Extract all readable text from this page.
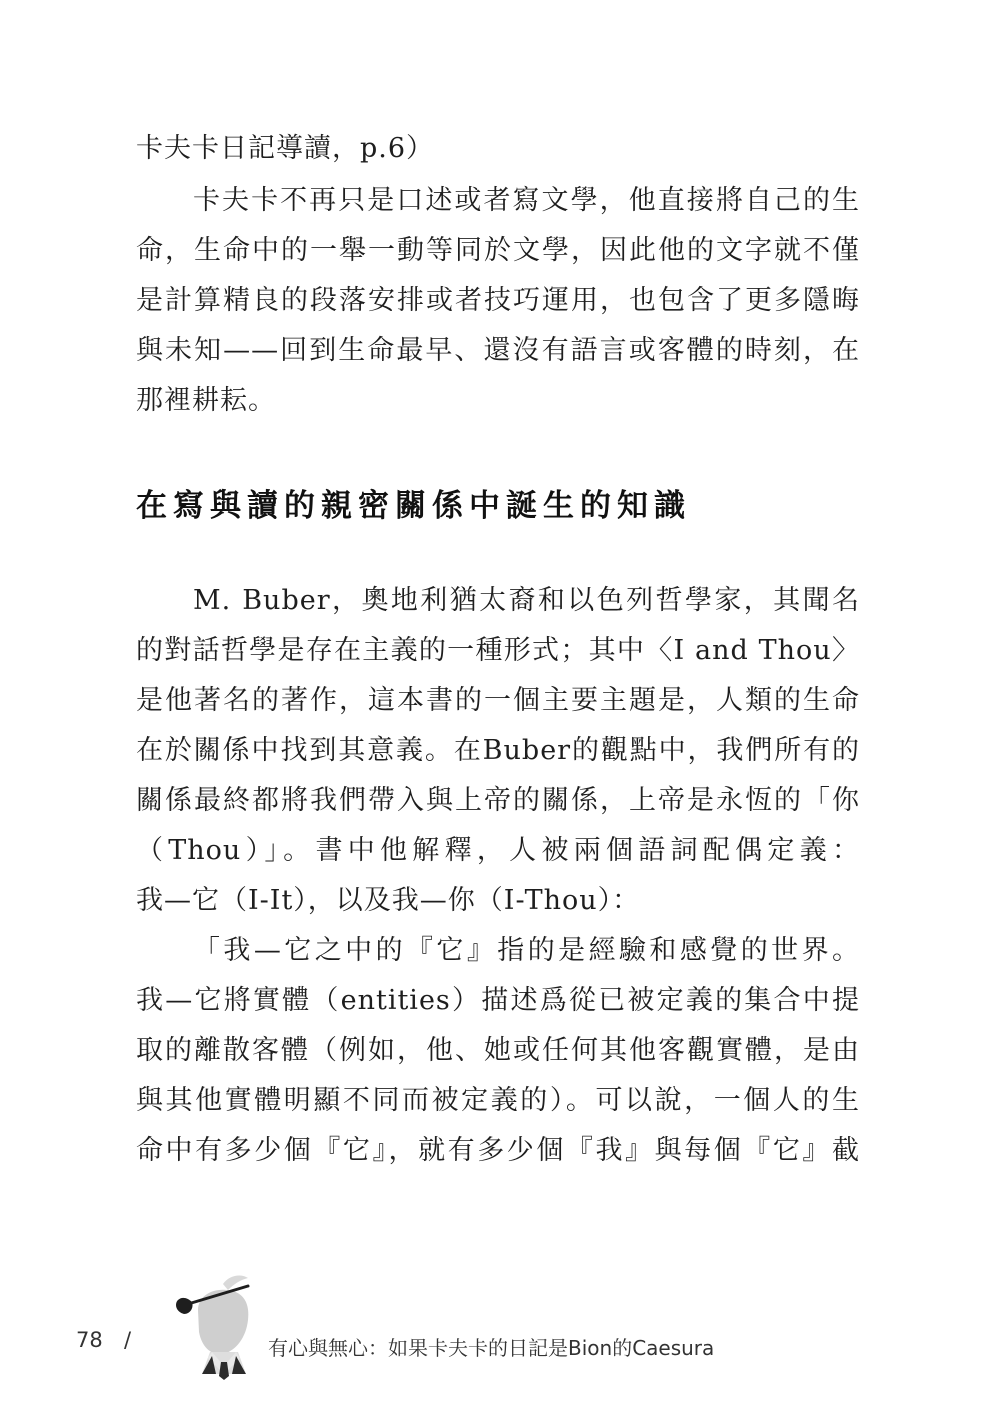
卡夫卡日記導讀，p.6）
卡夫卡不再只是口述或者寫文學，他直接將自己的生
命，生命中的一舉一動等同於文學，因此他的文字就不僅
是計算精良的段落安排或者技巧運用，也包含了更多隱晦
與未知——回到生命最早、還沒有語言或客體的時刻，在
那裡耕耘。
在寫與讀的親密關係中誕生的知識
M. Buber，奧地利猶太裔和以色列哲學家，其聞名
的對話哲學是存在主義的一種形式；其中〈I and Thou〉
是他著名的著作，這本書的一個主要主題是，人類的生命
在於關係中找到其意義。在Buber的觀點中，我們所有的
關係最終都將我們帶入與上帝的關係，上帝是永恆的「你
（Thou）」。書中他解釋，人被兩個語詞配偶定義：
我—它（I-It），以及我—你（I-Thou）：
「我—它之中的『它』指的是經驗和感覺的世界。
我—它將實體（entities）描述爲從已被定義的集合中提
取的離散客體（例如，他、她或任何其他客觀實體，是由
與其他實體明顯不同而被定義的）。可以說，一個人的生
命中有多少個『它』，就有多少個『我』與每個『它』截
78 /	有心與無心：如果卡夫卡的日記是Bion的Caesura
